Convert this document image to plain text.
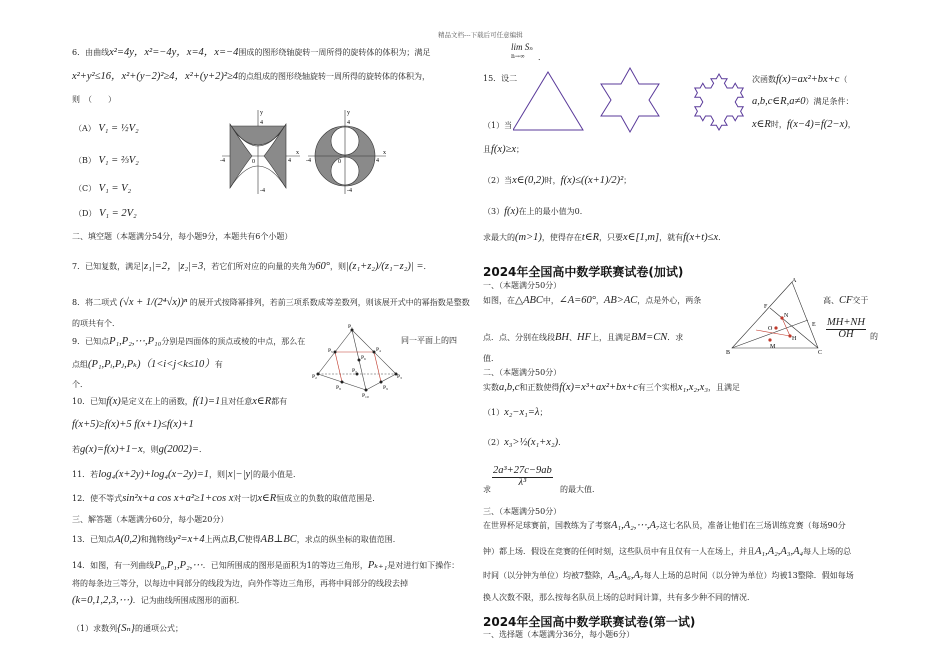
精品文档---下载后可任意编辑
6．由曲线x²=4y，x²=−4y，x=4，x=−4围成的图形绕轴旋转一周所得的旋转体的体积为；满足
x²+y²≤16，x²+(y−2)²≥4，x²+(y+2)²≥4的点组成的图形绕轴旋转一周所得的旋转体的体积为，
则　（　　）
（A） V₁ = ½V₂
（B） V₁ = ⅔V₂
（C） V₁ = V₂
（D） V₁ = 2V₂
4
-4
4
-4	0
x
y
4
-4
4
-4	0
x
y
二、填空题（本题满分54分，每小题9分，本题共有6个小题）
7．已知复数，满足|z₁|=2，|z₂|=3，若它们所对应的向量的夹角为60°，则|(z₁+z₂)/(z₁−z₂)| =．
8．将二项式 (√x + 1/(2⁴√x))ⁿ 的展开式按降幂排列，若前三项系数成等差数列，则该展开式中的幂指数是整数
的项共有个．
9．已知点P₁,P₂,⋯,P₁₀分别是四面体的顶点或棱的中点，那么在	同一平面上的四
点组(P₁,Pᵢ,Pⱼ,Pₖ)（1<i<j<k≤10）有
个．
P₁
P₅	P₄
P₂
P₆
P₇
P₃
P₈	P₉
P₁₀
10．已知f(x)是定义在上的函数，f(1)=1且对任意x∈R都有
f(x+5)≥f(x)+5 f(x+1)≤f(x)+1
若g(x)=f(x)+1−x，则g(2002)=．
11．若log₄(x+2y)+log₄(x−2y)=1，则|x|−|y|的最小值是．
12．使不等式sin²x+a cos x+a²≥1+cos x对一切x∈R恒成立的负数的取值范围是．
三、解答题（本题满分60分，每小题20分）
13．已知点A(0,2)和抛物线y²=x+4上两点B,C使得AB⊥BC，求点的纵坐标的取值范围．
14．如图，有一列曲线P₀,P₁,P₂,⋯．已知所围成的图形是面积为1的等边三角形，Pₖ₊₁是对进行如下操作：
将的每条边三等分，以每边中间部分的线段为边，向外作等边三角形，再将中间部分的线段去掉
(k=0,1,2,3,⋯)．记为曲线所围成图形的面积．
（1）求数列{Sₙ}的通项公式；
lim Sₙ
n→∞ ．
15．设二	次函数f(x)=ax²+bx+c（
a,b,c∈R,a≠0）满足条件：
（1）当	x∈R时，f(x−4)=f(2−x)，
且f(x)≥x；
（2）当x∈(0,2)时，f(x)≤((x+1)/2)²；
（3）f(x)在上的最小值为0．
求最大的(m>1)，使得存在t∈R，只要x∈[1,m]，就有f(x+t)≤x．
2024年全国高中数学联赛试卷(加试)
一、（本题满分50分）
如图，在△ABC中，∠A=60°，AB>AC，点是外心，两条	高、CF交于
点．点、分别在线段BH、HF上，且满足BM=CN．求	$\frac{MH+NH}{OH}$ 的
值．
A
F
N
O
E
H
B
M
C
二、（本题满分50分）
实数a,b,c和正数使得f(x)=x³+ax²+bx+c有三个实根x₁,x₂,x₃，且满足
（1）x₂−x₁=λ；
（2）x₃>½(x₁+x₂)．
$\frac{\text{2a³+27c−9ab}}{\text{λ³}}$
求	的最大值．
三、（本题满分50分）
在世界杯足球赛前，国教练为了考察A₁,A₂,⋯,A₇这七名队员，准备让他们在三场训练竞赛（每场90分
钟）都上场．假设在竞赛的任何时刻，这些队员中有且仅有一人在场上，并且A₁,A₂,A₃,A₄每人上场的总
时间（以分钟为单位）均被7整除，A₅,A₆,A₇每人上场的总时间（以分钟为单位）均被13整除．假如每场
换人次数不限，那么按每名队员上场的总时间计算，共有多少种不同的情况．
2024年全国高中数学联赛试卷(第一试)
一、选择题（本题满分36分，每小题6分）
